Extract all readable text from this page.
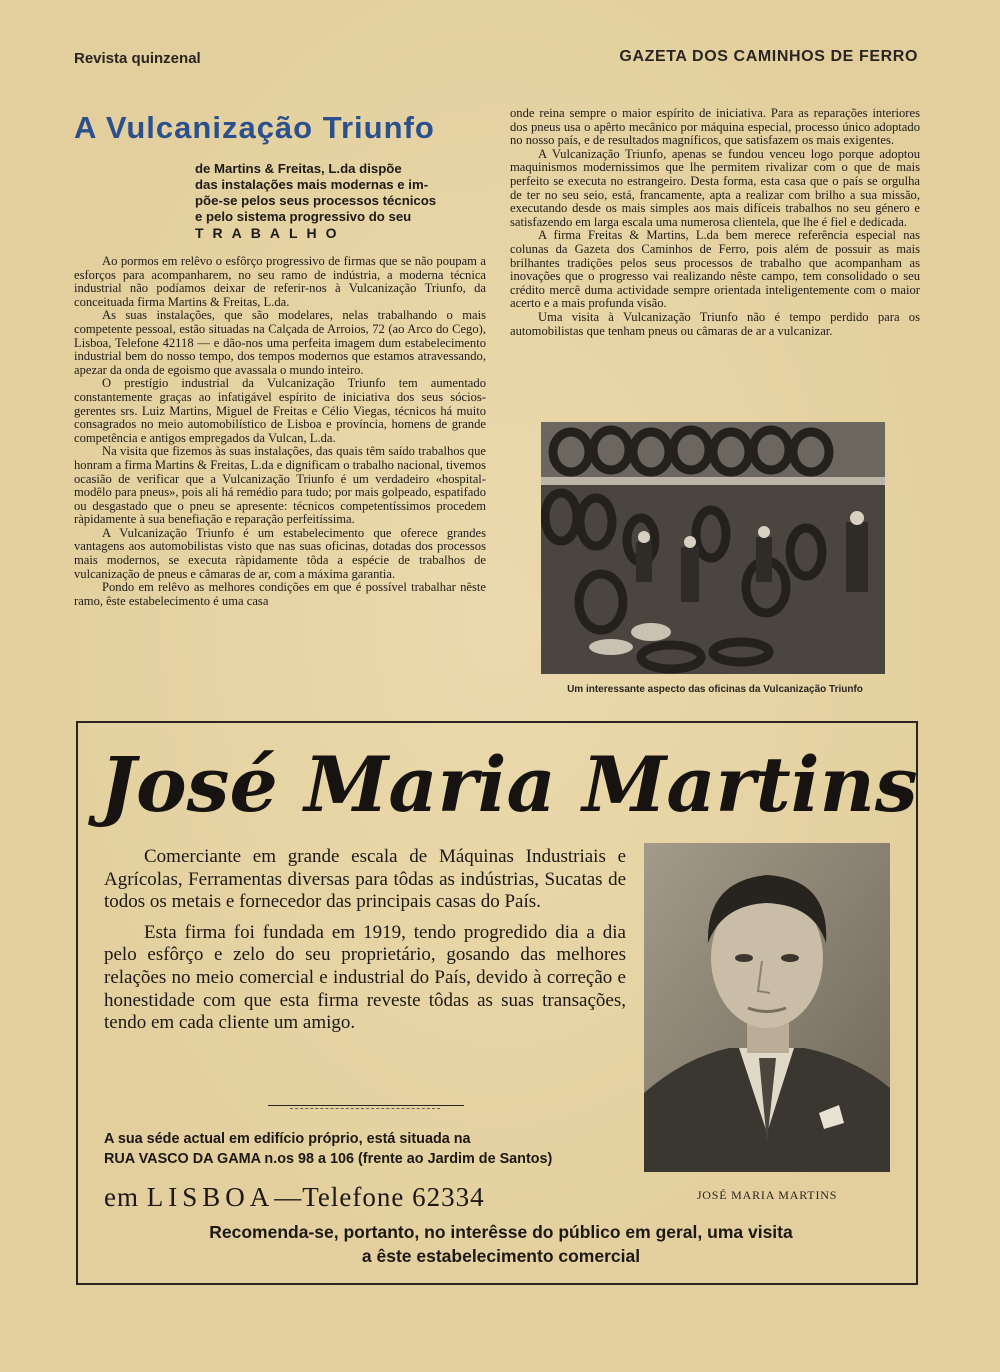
Revista quinzenal	GAZETA DOS CAMINHOS DE FERRO
A Vulcanização Triunfo
de Martins & Freitas, L.da dispõe
das instalações mais modernas e im-
põe-se pelos seus processos técnicos
e pelo sistema progressivo do seu
TRABALHO

Ao pormos em relêvo o esfôrço progressivo de firmas que se não poupam a esforços para acompanharem, no seu ramo de indústria, a moderna técnica industrial não podíamos deixar de referir-nos à Vulcanização Triunfo, da conceituada firma Martins & Freitas, L.da.

As suas instalações, que são modelares, nelas trabalhando o mais competente pessoal, estão situadas na Calçada de Arroios, 72 (ao Arco do Cego), Lisboa, Telefone 42118 — e dão-nos uma perfeita imagem dum estabelecimento industrial bem do nosso tempo, dos tempos modernos que estamos atravessando, apezar da onda de egoismo que avassala o mundo inteiro.

O prestígio industrial da Vulcanização Triunfo tem aumentado constantemente graças ao infatigável espírito de iniciativa dos seus sócios-gerentes srs. Luiz Martins, Miguel de Freitas e Célio Viegas, técnicos há muito consagrados no meio automobilístico de Lisboa e província, homens de grande competência e antigos empregados da Vulcan, L.da.

Na visita que fizemos às suas instalações, das quais têm saído trabalhos que honram a firma Martins & Freitas, L.da e dignificam o trabalho nacional, tivemos ocasião de verificar que a Vulcanização Triunfo é um verdadeiro «hospital-modêlo para pneus», pois ali há remédio para tudo; por mais golpeado, espatifado ou desgastado que o pneu se apresente: técnicos competentíssimos procedem ràpidamente à sua benefiação e reparação perfeitíssima.

A Vulcanização Triunfo é um estabelecimento que oferece grandes vantagens aos automobilistas visto que nas suas oficinas, dotadas dos processos mais modernos, se executa ràpidamente tôda a espécie de trabalhos de vulcanização de pneus e câmaras de ar, com a máxima garantia.

Pondo em relêvo as melhores condições em que é possível trabalhar nêste ramo, êste estabelecimento é uma casa

onde reina sempre o maior espírito de iniciativa. Para as reparações interiores dos pneus usa o apêrto mecânico por máquina especial, processo único adoptado no nosso país, e de resultados magníficos, que satisfazem os mais exigentes.

A Vulcanização Triunfo, apenas se fundou venceu logo porque adoptou maquinismos modernissimos que lhe permitem rivalizar com o que de mais perfeito se executa no estrangeiro. Desta forma, esta casa que o país se orgulha de ter no seu seio, está, francamente, apta a realizar com brilho a sua missão, executando desde os mais simples aos mais difíceis trabalhos no seu género e satisfazendo em larga escala uma numerosa clientela, que lhe é fiel e dedicada.

A firma Freitas & Martins, L.da bem merece referência especial nas colunas da Gazeta dos Caminhos de Ferro, pois além de possuir as mais brilhantes tradições pelos seus processos de trabalho que acompanham as inovações que o progresso vai realizando nêste campo, tem consolidado o seu crédito mercê duma actividade sempre orientada inteligentemente com o maior acerto e a mais profunda visão.

Uma visita à Vulcanização Triunfo não é tempo perdido para os automobilistas que tenham pneus ou câmaras de ar a vulcanizar.

Um interessante aspecto das oficinas da Vulcanização Triunfo
José Maria Martins

Comerciante em grande escala de Máquinas Industriais e Agrícolas, Ferramentas diversas para tôdas as indústrias, Sucatas de todos os metais e fornecedor das principais casas do País.

Esta firma foi fundada em 1919, tendo progredido dia a dia pelo esfôrço e zelo do seu proprietário, gosando das melhores relações no meio comercial e industrial do País, devido à correção e honestidade com que esta firma reveste tôdas as suas transações, tendo em cada cliente um amigo.

JOSÉ MARIA MARTINS
A sua séde actual em edifício próprio, está situada na
RUA VASCO DA GAMA n.os 98 a 106 (frente ao Jardim de Santos)
em LISBOA—Telefone 62334
Recomenda-se, portanto, no interêsse do público em geral, uma visita
a êste estabelecimento comercial
